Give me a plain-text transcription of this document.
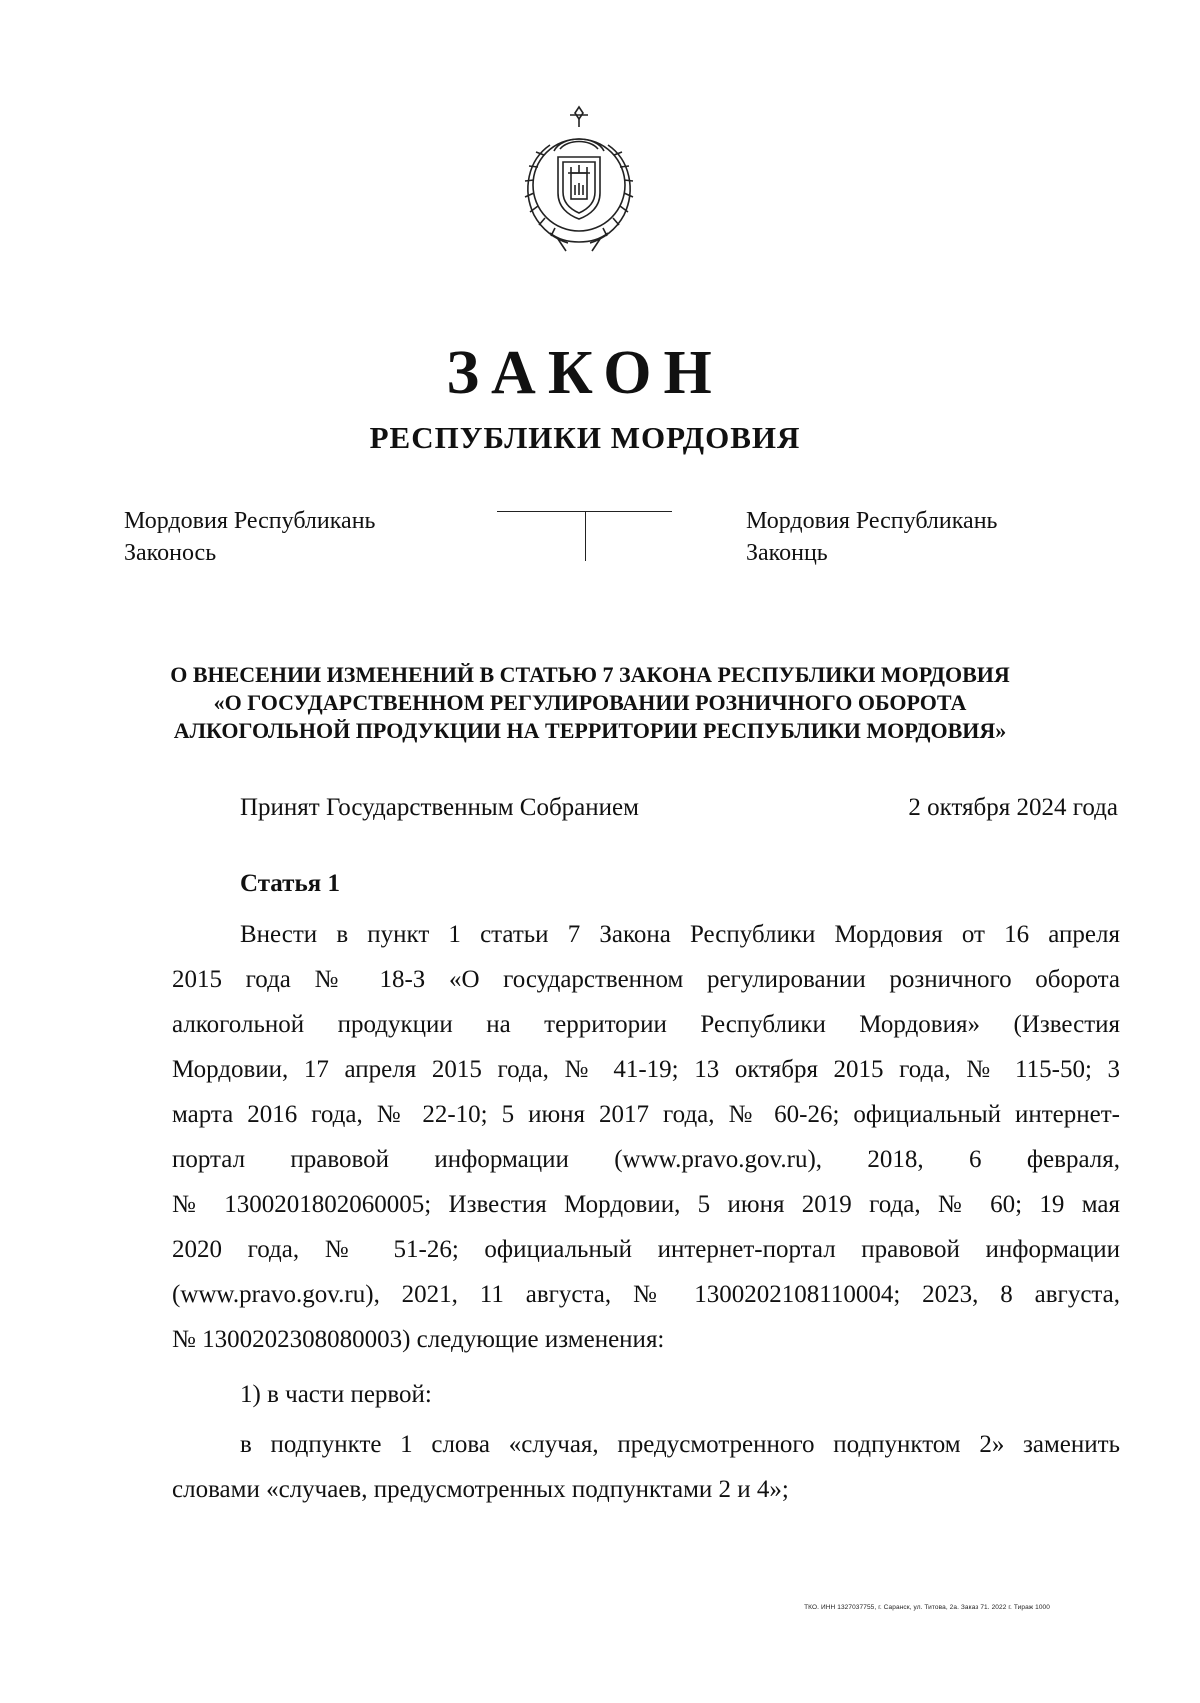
ЗАКОН
РЕСПУБЛИКИ МОРДОВИЯ
Мордовия Республикань
Законось
Мордовия Республикань
Законць
О ВНЕСЕНИИ ИЗМЕНЕНИЙ В СТАТЬЮ 7 ЗАКОНА РЕСПУБЛИКИ МОРДОВИЯ
«О ГОСУДАРСТВЕННОМ РЕГУЛИРОВАНИИ РОЗНИЧНОГО ОБОРОТА
АЛКОГОЛЬНОЙ ПРОДУКЦИИ НА ТЕРРИТОРИИ РЕСПУБЛИКИ МОРДОВИЯ»
Принят Государственным Собранием	2 октября 2024 года
Статья 1
Внести в пункт 1 статьи 7 Закона Республики Мордовия от 16 апреля
2015 года № 18-З «О государственном регулировании розничного оборота
алкогольной продукции на территории Республики Мордовия» (Известия
Мордовии, 17 апреля 2015 года, № 41-19; 13 октября 2015 года, № 115-50; 3
марта 2016 года, № 22-10; 5 июня 2017 года, № 60-26; официальный интернет-
портал правовой информации (www.pravo.gov.ru), 2018, 6 февраля,
№ 1300201802060005; Известия Мордовии, 5 июня 2019 года, № 60; 19 мая
2020 года, № 51-26; официальный интернет-портал правовой информации
(www.pravo.gov.ru), 2021, 11 августа, № 1300202108110004; 2023, 8 августа,
№ 1300202308080003) следующие изменения:
1) в части первой:
в подпункте 1 слова «случая, предусмотренного подпунктом 2» заменить
словами «случаев, предусмотренных подпунктами 2 и 4»;
ТКО. ИНН 1327037755, г. Саранск, ул. Титова, 2а. Заказ 71. 2022 г. Тираж 1000
